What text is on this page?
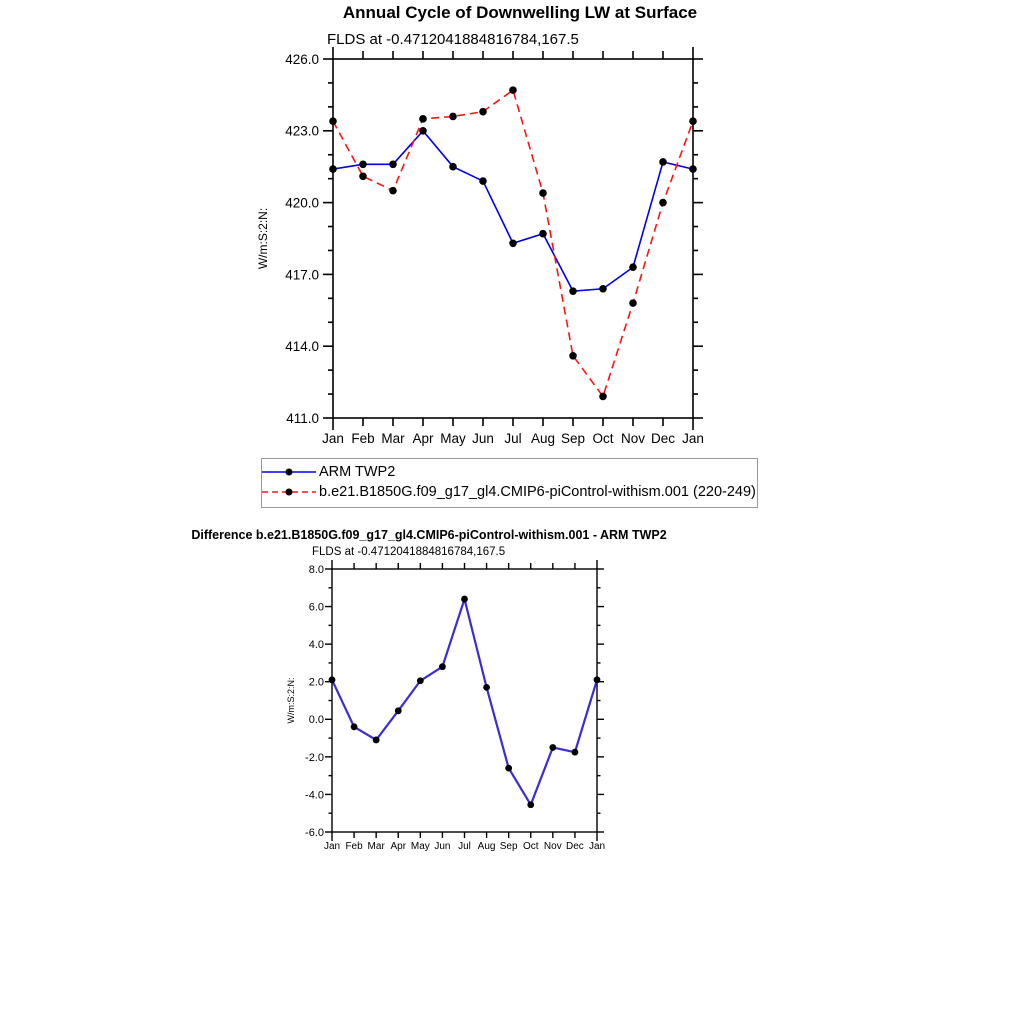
Annual Cycle of Downwelling LW at Surface
FLDS at -0.4712041884816784,167.5
411.0
414.0
417.0
420.0
423.0
426.0
Jan Feb Mar Apr May Jun Jul Aug Sep Oct Nov Dec Jan
W/m:S:2:N:
-6.0
-4.0
-2.0
0.0
2.0
4.0
6.0
8.0
Jan Feb Mar Apr May Jun Jul Aug Sep Oct Nov Dec Jan
W/m:S:2:N:
ARM TWP2
b.e21.B1850G.f09_g17_gl4.CMIP6-piControl-withism.001 (220-249)
Difference b.e21.B1850G.f09_g17_gl4.CMIP6-piControl-withism.001 - ARM TWP2
FLDS at -0.4712041884816784,167.5
